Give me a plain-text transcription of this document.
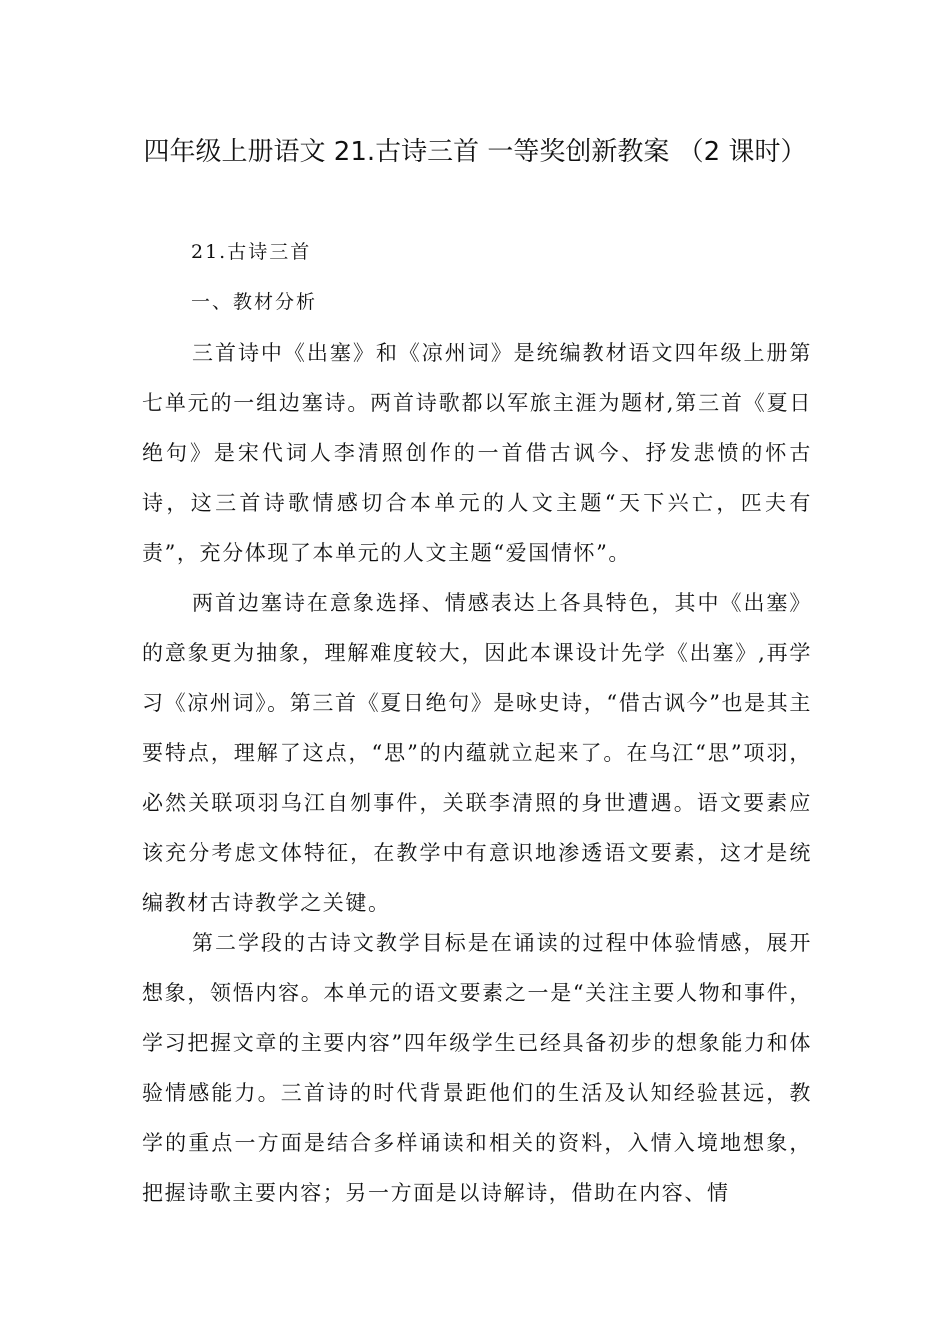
四年级上册语文 21.古诗三首 一等奖创新教案 （2 课时）

21.古诗三首

一、教材分析

三首诗中《出塞》和《凉州词》是统编教材语文四年级上册第七单元的一组边塞诗。两首诗歌都以军旅主涯为题材,第三首《夏日绝句》是宋代词人李清照创作的一首借古讽今、抒发悲愤的怀古诗，这三首诗歌情感切合本单元的人文主题“天下兴亡，匹夫有责”，充分体现了本单元的人文主题“爱国情怀”。

两首边塞诗在意象选择、情感表达上各具特色，其中《出塞》的意象更为抽象，理解难度较大，因此本课设计先学《出塞》,再学习《凉州词》。第三首《夏日绝句》是咏史诗，“借古讽今”也是其主要特点，理解了这点，“思”的内蕴就立起来了。在乌江“思”项羽，必然关联项羽乌江自刎事件，关联李清照的身世遭遇。语文要素应该充分考虑文体特征，在教学中有意识地渗透语文要素，这才是统编教材古诗教学之关键。

第二学段的古诗文教学目标是在诵读的过程中体验情感，展开想象，领悟内容。本单元的语文要素之一是“关注主要人物和事件，学习把握文章的主要内容”四年级学生已经具备初步的想象能力和体验情感能力。三首诗的时代背景距他们的生活及认知经验甚远，教学的重点一方面是结合多样诵读和相关的资料，入情入境地想象，把握诗歌主要内容；另一方面是以诗解诗，借助在内容、情
